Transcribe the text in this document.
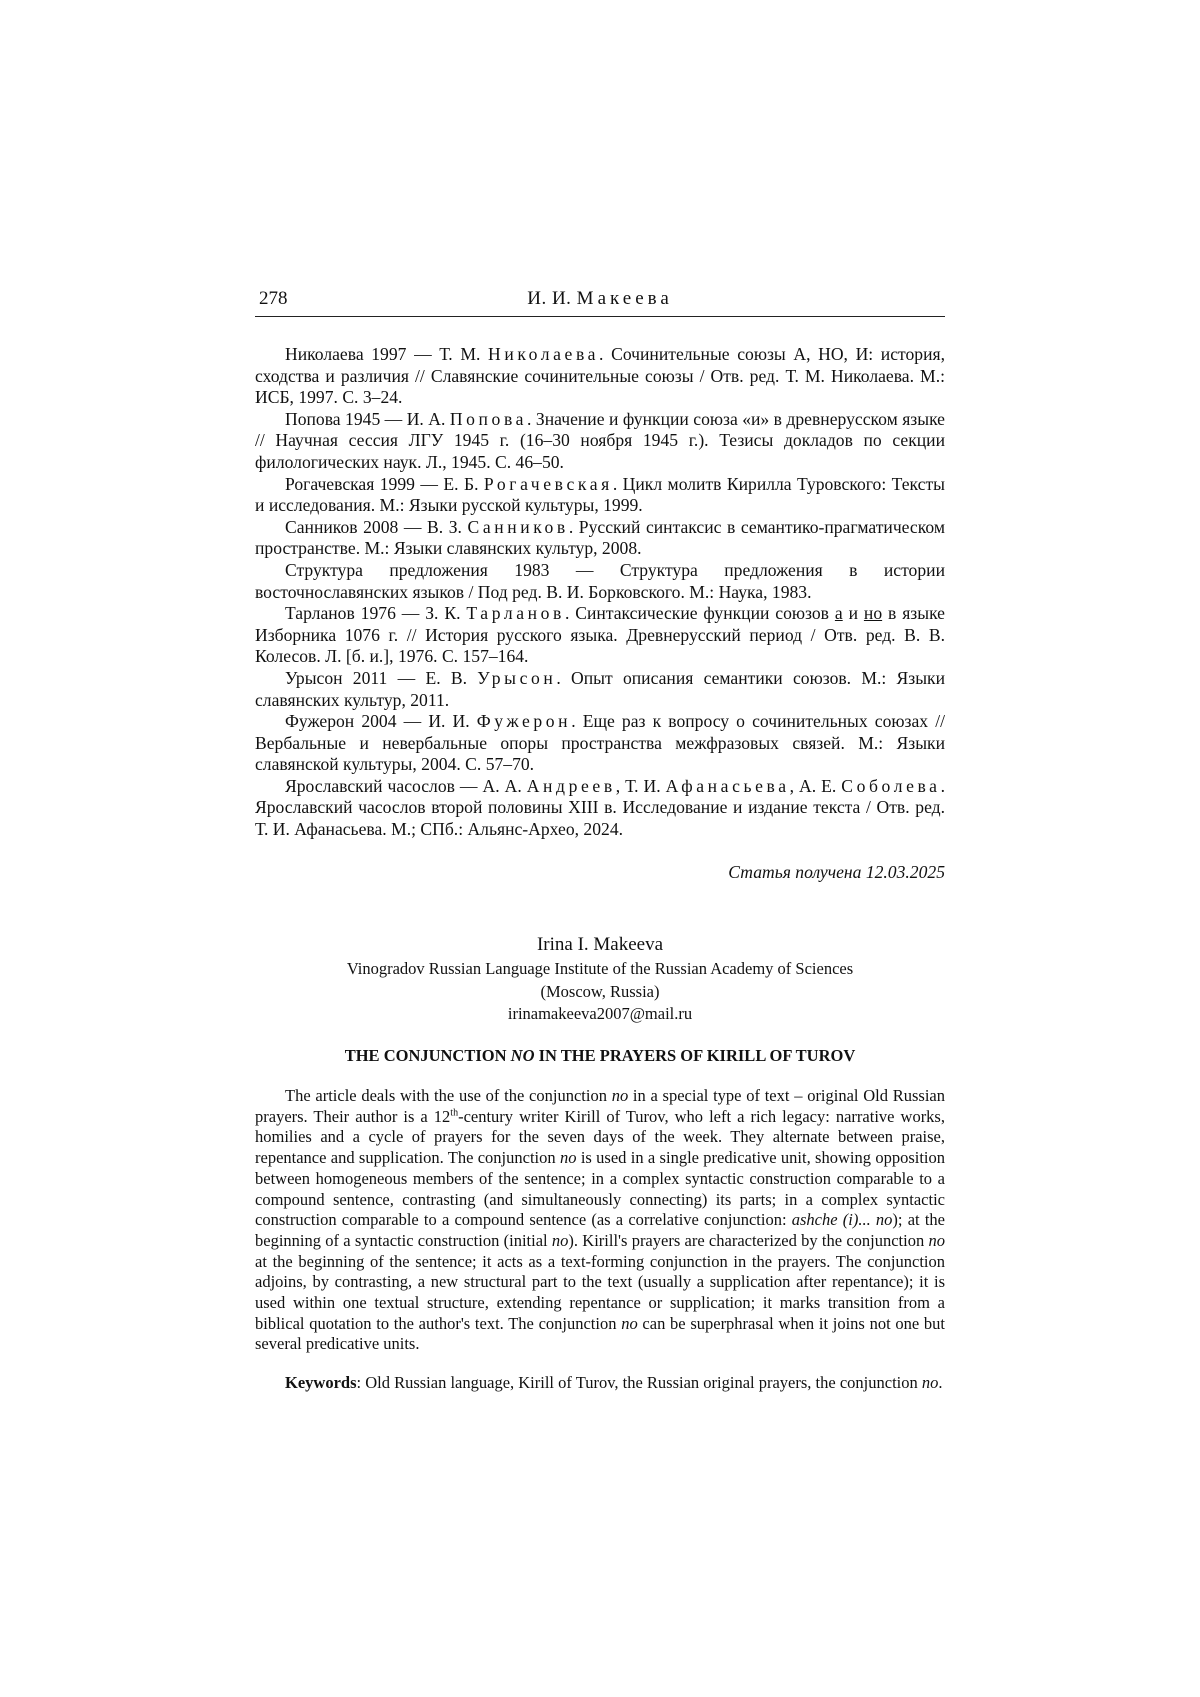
278	И. И. Макеева

Николаева 1997 — Т. М. Николаева. Сочинительные союзы А, НО, И: история, сходства и различия // Славянские сочинительные союзы / Отв. ред. Т. М. Николаева. М.: ИСБ, 1997. С. 3–24.

Попова 1945 — И. А. Попова. Значение и функции союза «и» в древнерусском языке // Научная сессия ЛГУ 1945 г. (16–30 ноября 1945 г.). Тезисы докладов по секции филологических наук. Л., 1945. С. 46–50.

Рогачевская 1999 — Е. Б. Рогачевская. Цикл молитв Кирилла Туровского: Тексты и исследования. М.: Языки русской культуры, 1999.

Санников 2008 — В. З. Санников. Русский синтаксис в семантико-прагматическом пространстве. М.: Языки славянских культур, 2008.

Структура предложения 1983 — Структура предложения в истории восточнославянских языков / Под ред. В. И. Борковского. М.: Наука, 1983.

Тарланов 1976 — З. К. Тарланов. Синтаксические функции союзов а и но в языке Изборника 1076 г. // История русского языка. Древнерусский период / Отв. ред. В. В. Колесов. Л. [б. и.], 1976. С. 157–164.

Урысон 2011 — Е. В. Урысон. Опыт описания семантики союзов. М.: Языки славянских культур, 2011.

Фужерон 2004 — И. И. Фужерон. Еще раз к вопросу о сочинительных союзах // Вербальные и невербальные опоры пространства межфразовых связей. М.: Языки славянской культуры, 2004. С. 57–70.

Ярославский часослов — А. А. Андреев, Т. И. Афанасьева, А. Е. Соболева. Ярославский часослов второй половины XIII в. Исследование и издание текста / Отв. ред. Т. И. Афанасьева. М.; СПб.: Альянс-Архео, 2024.

Статья получена 12.03.2025
Irina I. Makeeva
Vinogradov Russian Language Institute of the Russian Academy of Sciences
(Moscow, Russia)
irinamakeeva2007@mail.ru
THE CONJUNCTION NO IN THE PRAYERS OF KIRILL OF TUROV

The article deals with the use of the conjunction no in a special type of text – original Old Russian prayers. Their author is a 12th-century writer Kirill of Turov, who left a rich legacy: narrative works, homilies and a cycle of prayers for the seven days of the week. They alternate between praise, repentance and supplication. The conjunction no is used in a single predicative unit, showing opposition between homogeneous members of the sentence; in a complex syntactic construction comparable to a compound sentence, contrasting (and simultaneously connecting) its parts; in a complex syntactic construction comparable to a compound sentence (as a correlative conjunction: ashche (i)... no); at the beginning of a syntactic construction (initial no). Kirill's prayers are characterized by the conjunction no at the beginning of the sentence; it acts as a text-forming conjunction in the prayers. The conjunction adjoins, by contrasting, a new structural part to the text (usually a supplication after repentance); it is used within one textual structure, extending repentance or supplication; it marks transition from a biblical quotation to the author's text. The conjunction no can be superphrasal when it joins not one but several predicative units.

Keywords: Old Russian language, Kirill of Turov, the Russian original prayers, the conjunction no.
